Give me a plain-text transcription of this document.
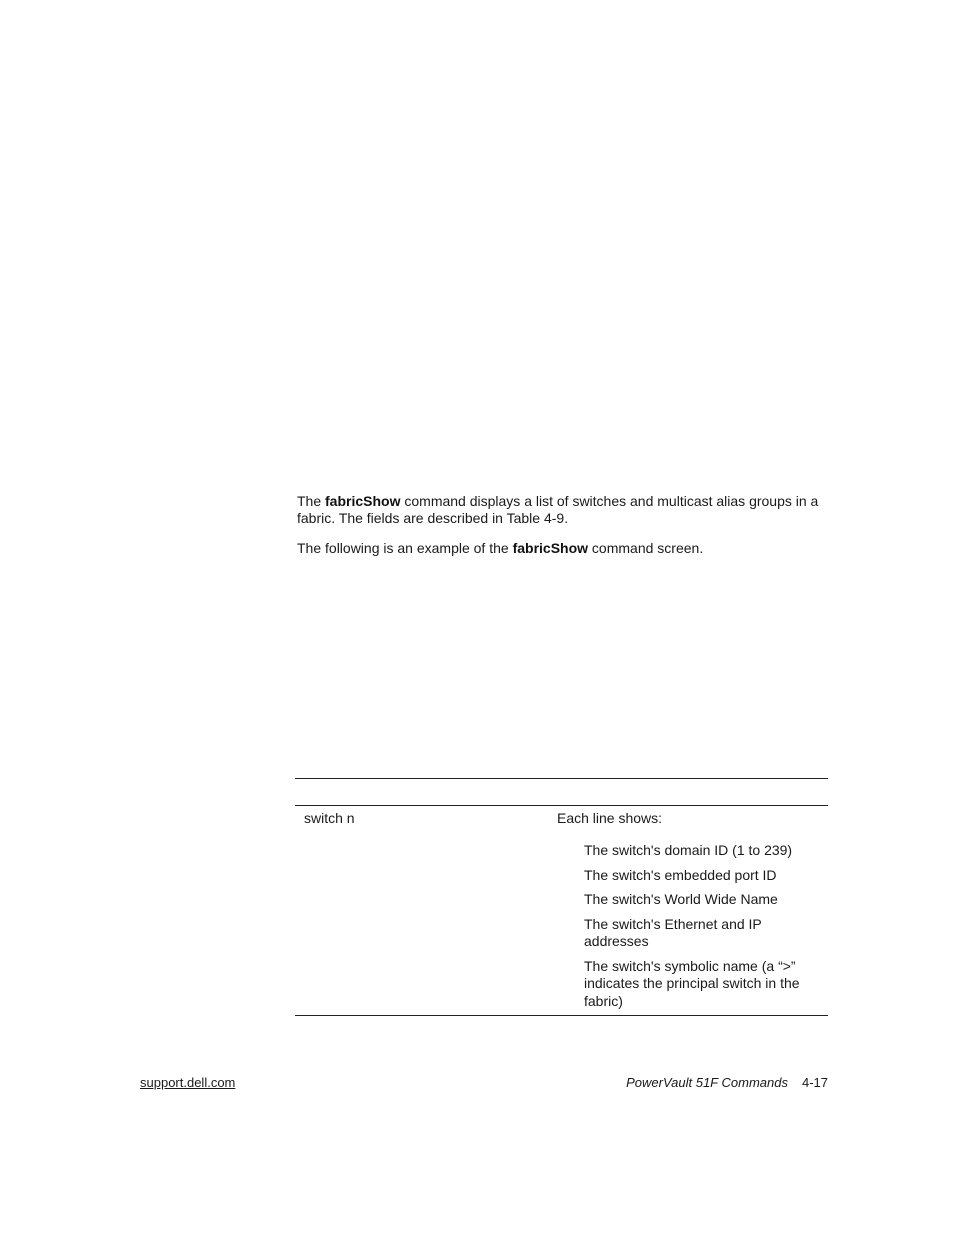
The fabricShow command displays a list of switches and multicast alias groups in a fabric. The fields are described in Table 4-9.

The following is an example of the fabricShow command screen.

switch n	Each line shows:
The switch's domain ID (1 to 239)
The switch's embedded port ID
The switch's World Wide Name
The switch's Ethernet and IP addresses
The switch's symbolic name (a “>” indicates the principal switch in the fabric)
support.dell.com	PowerVault 51F Commands 4-17
